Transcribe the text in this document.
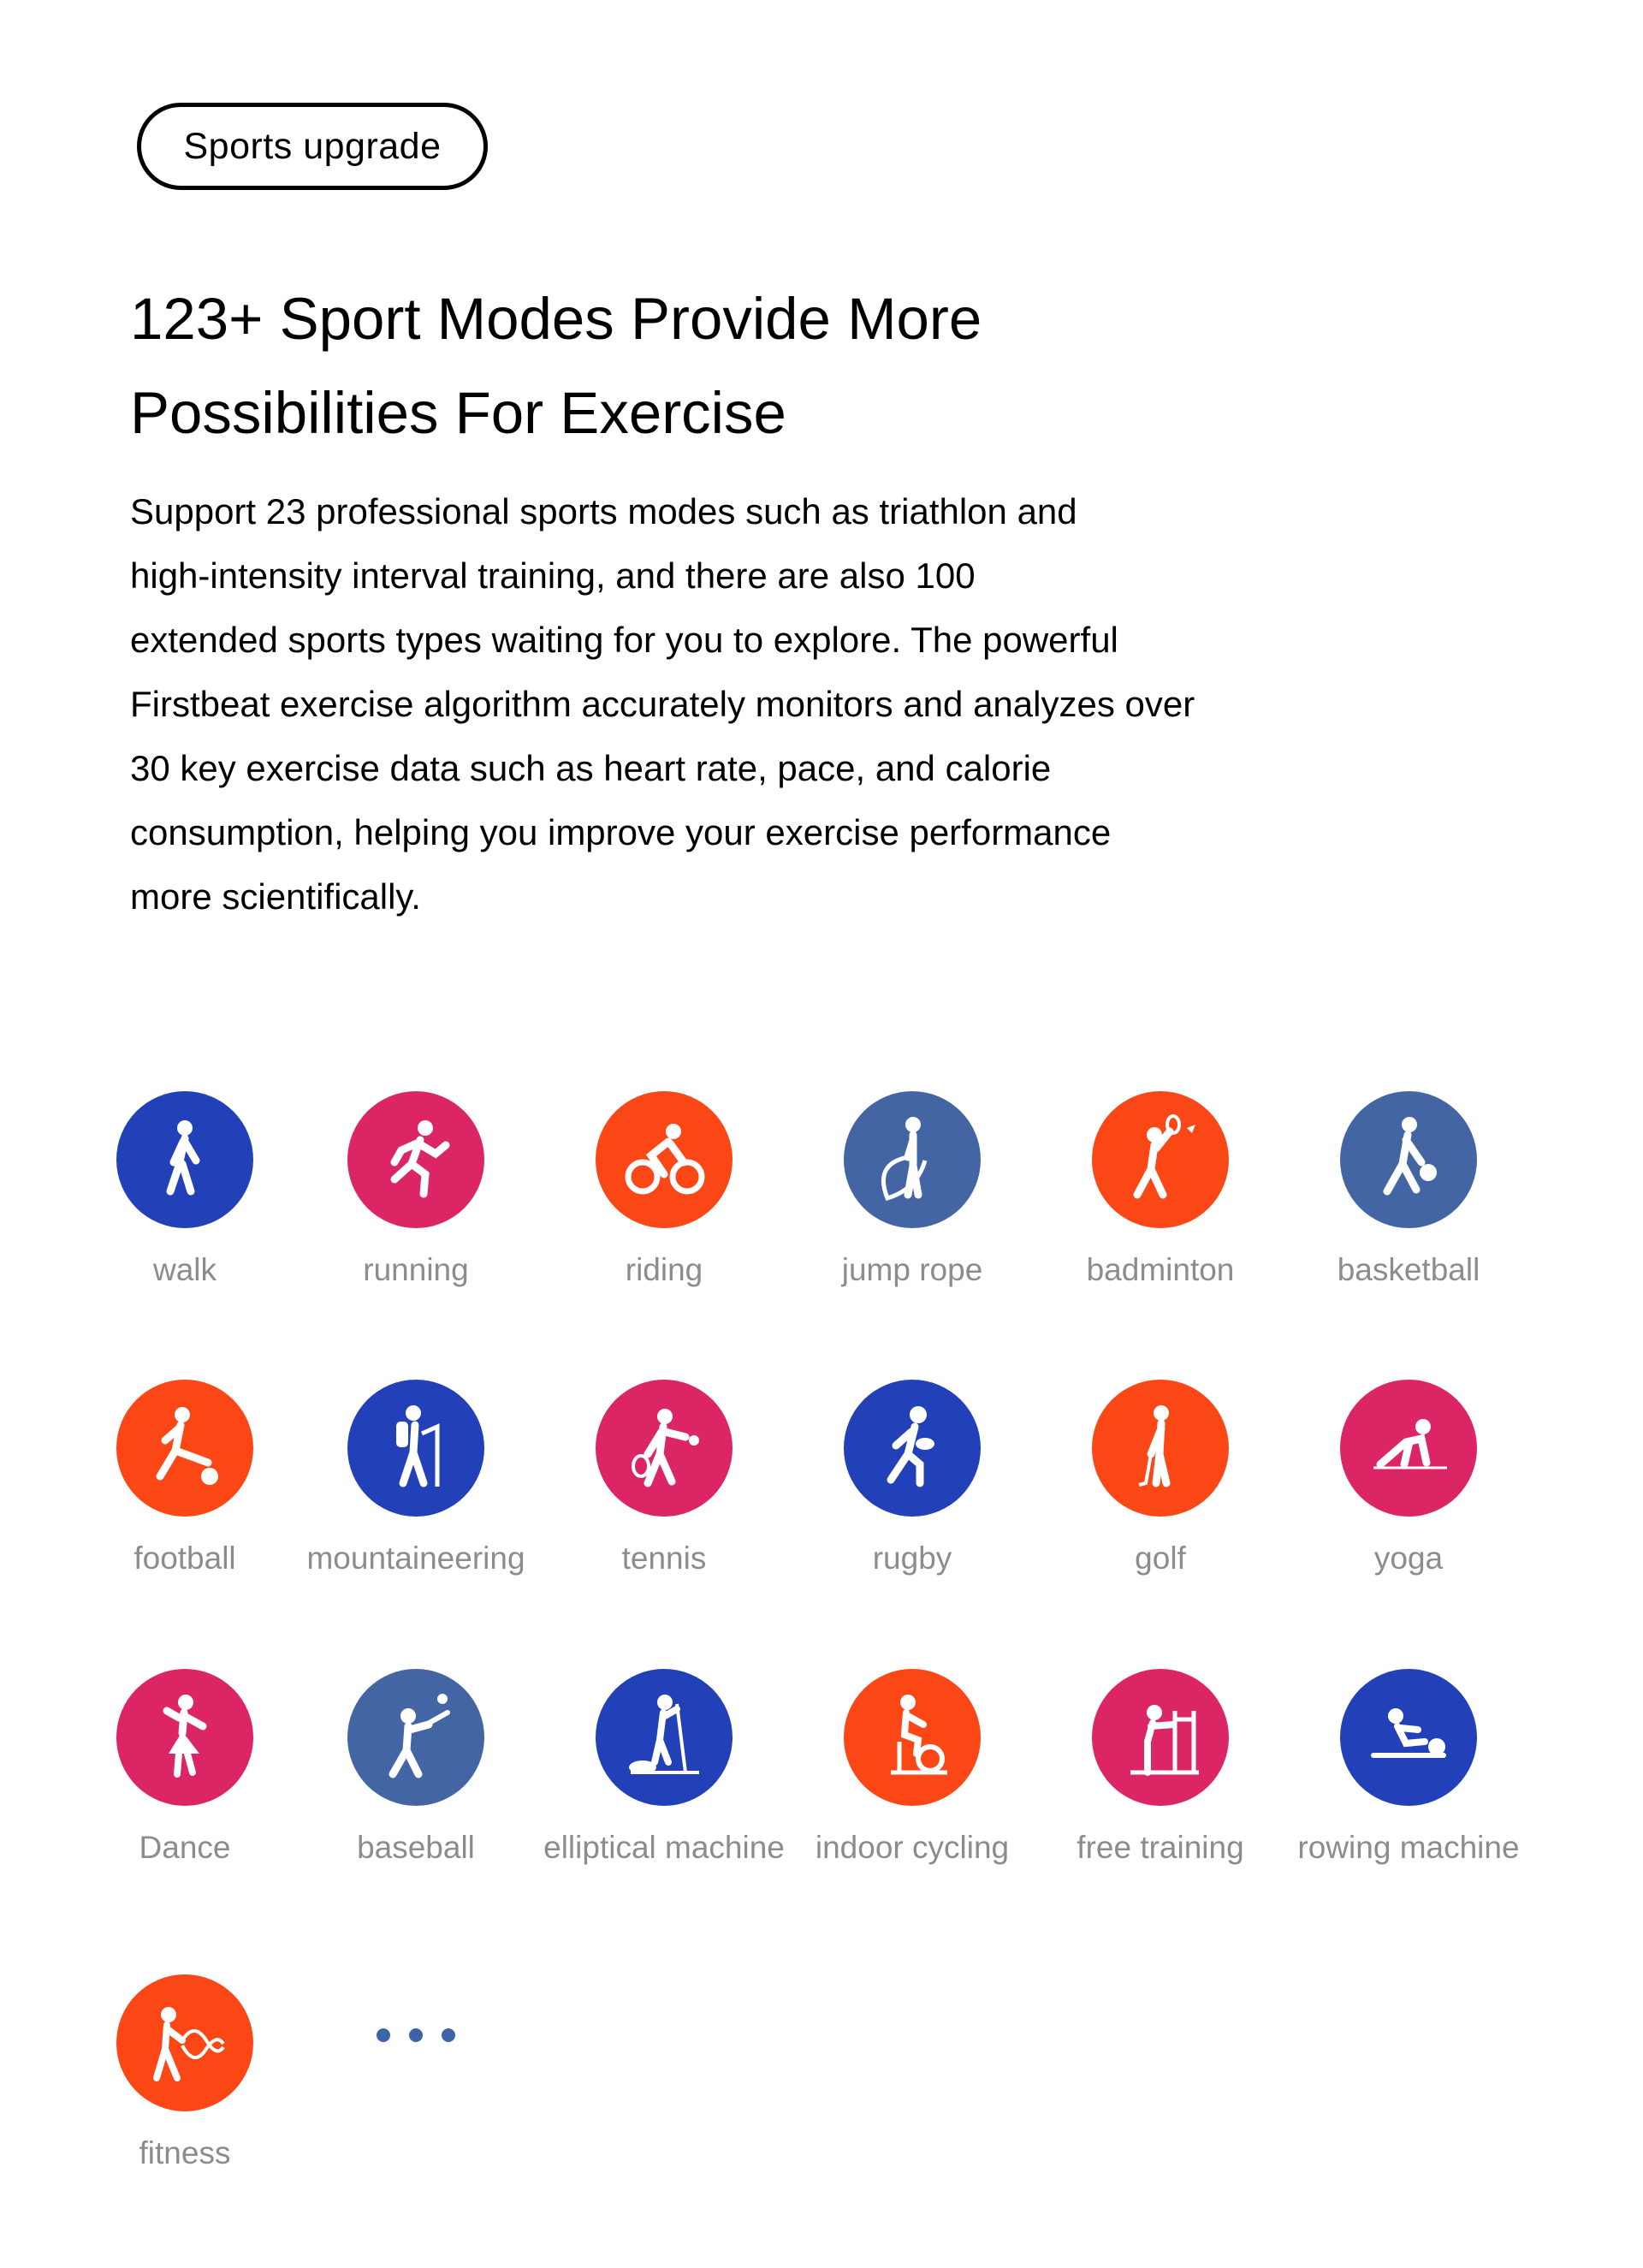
Sports upgrade
123+ Sport Modes Provide More
Possibilities For Exercise

Support 23 professional sports modes such as triathlon and
high-intensity interval training, and there are also 100
extended sports types waiting for you to explore. The powerful
Firstbeat exercise algorithm accurately monitors and analyzes over
30 key exercise data such as heart rate, pace, and calorie
consumption, helping you improve your exercise performance
more scientifically.

walk	running	riding	jump rope	badminton	basketball
football	mountaineering	tennis	rugby	golf	yoga
Dance	baseball	elliptical machine indoor cycling	free training	rowing machine
fitness
